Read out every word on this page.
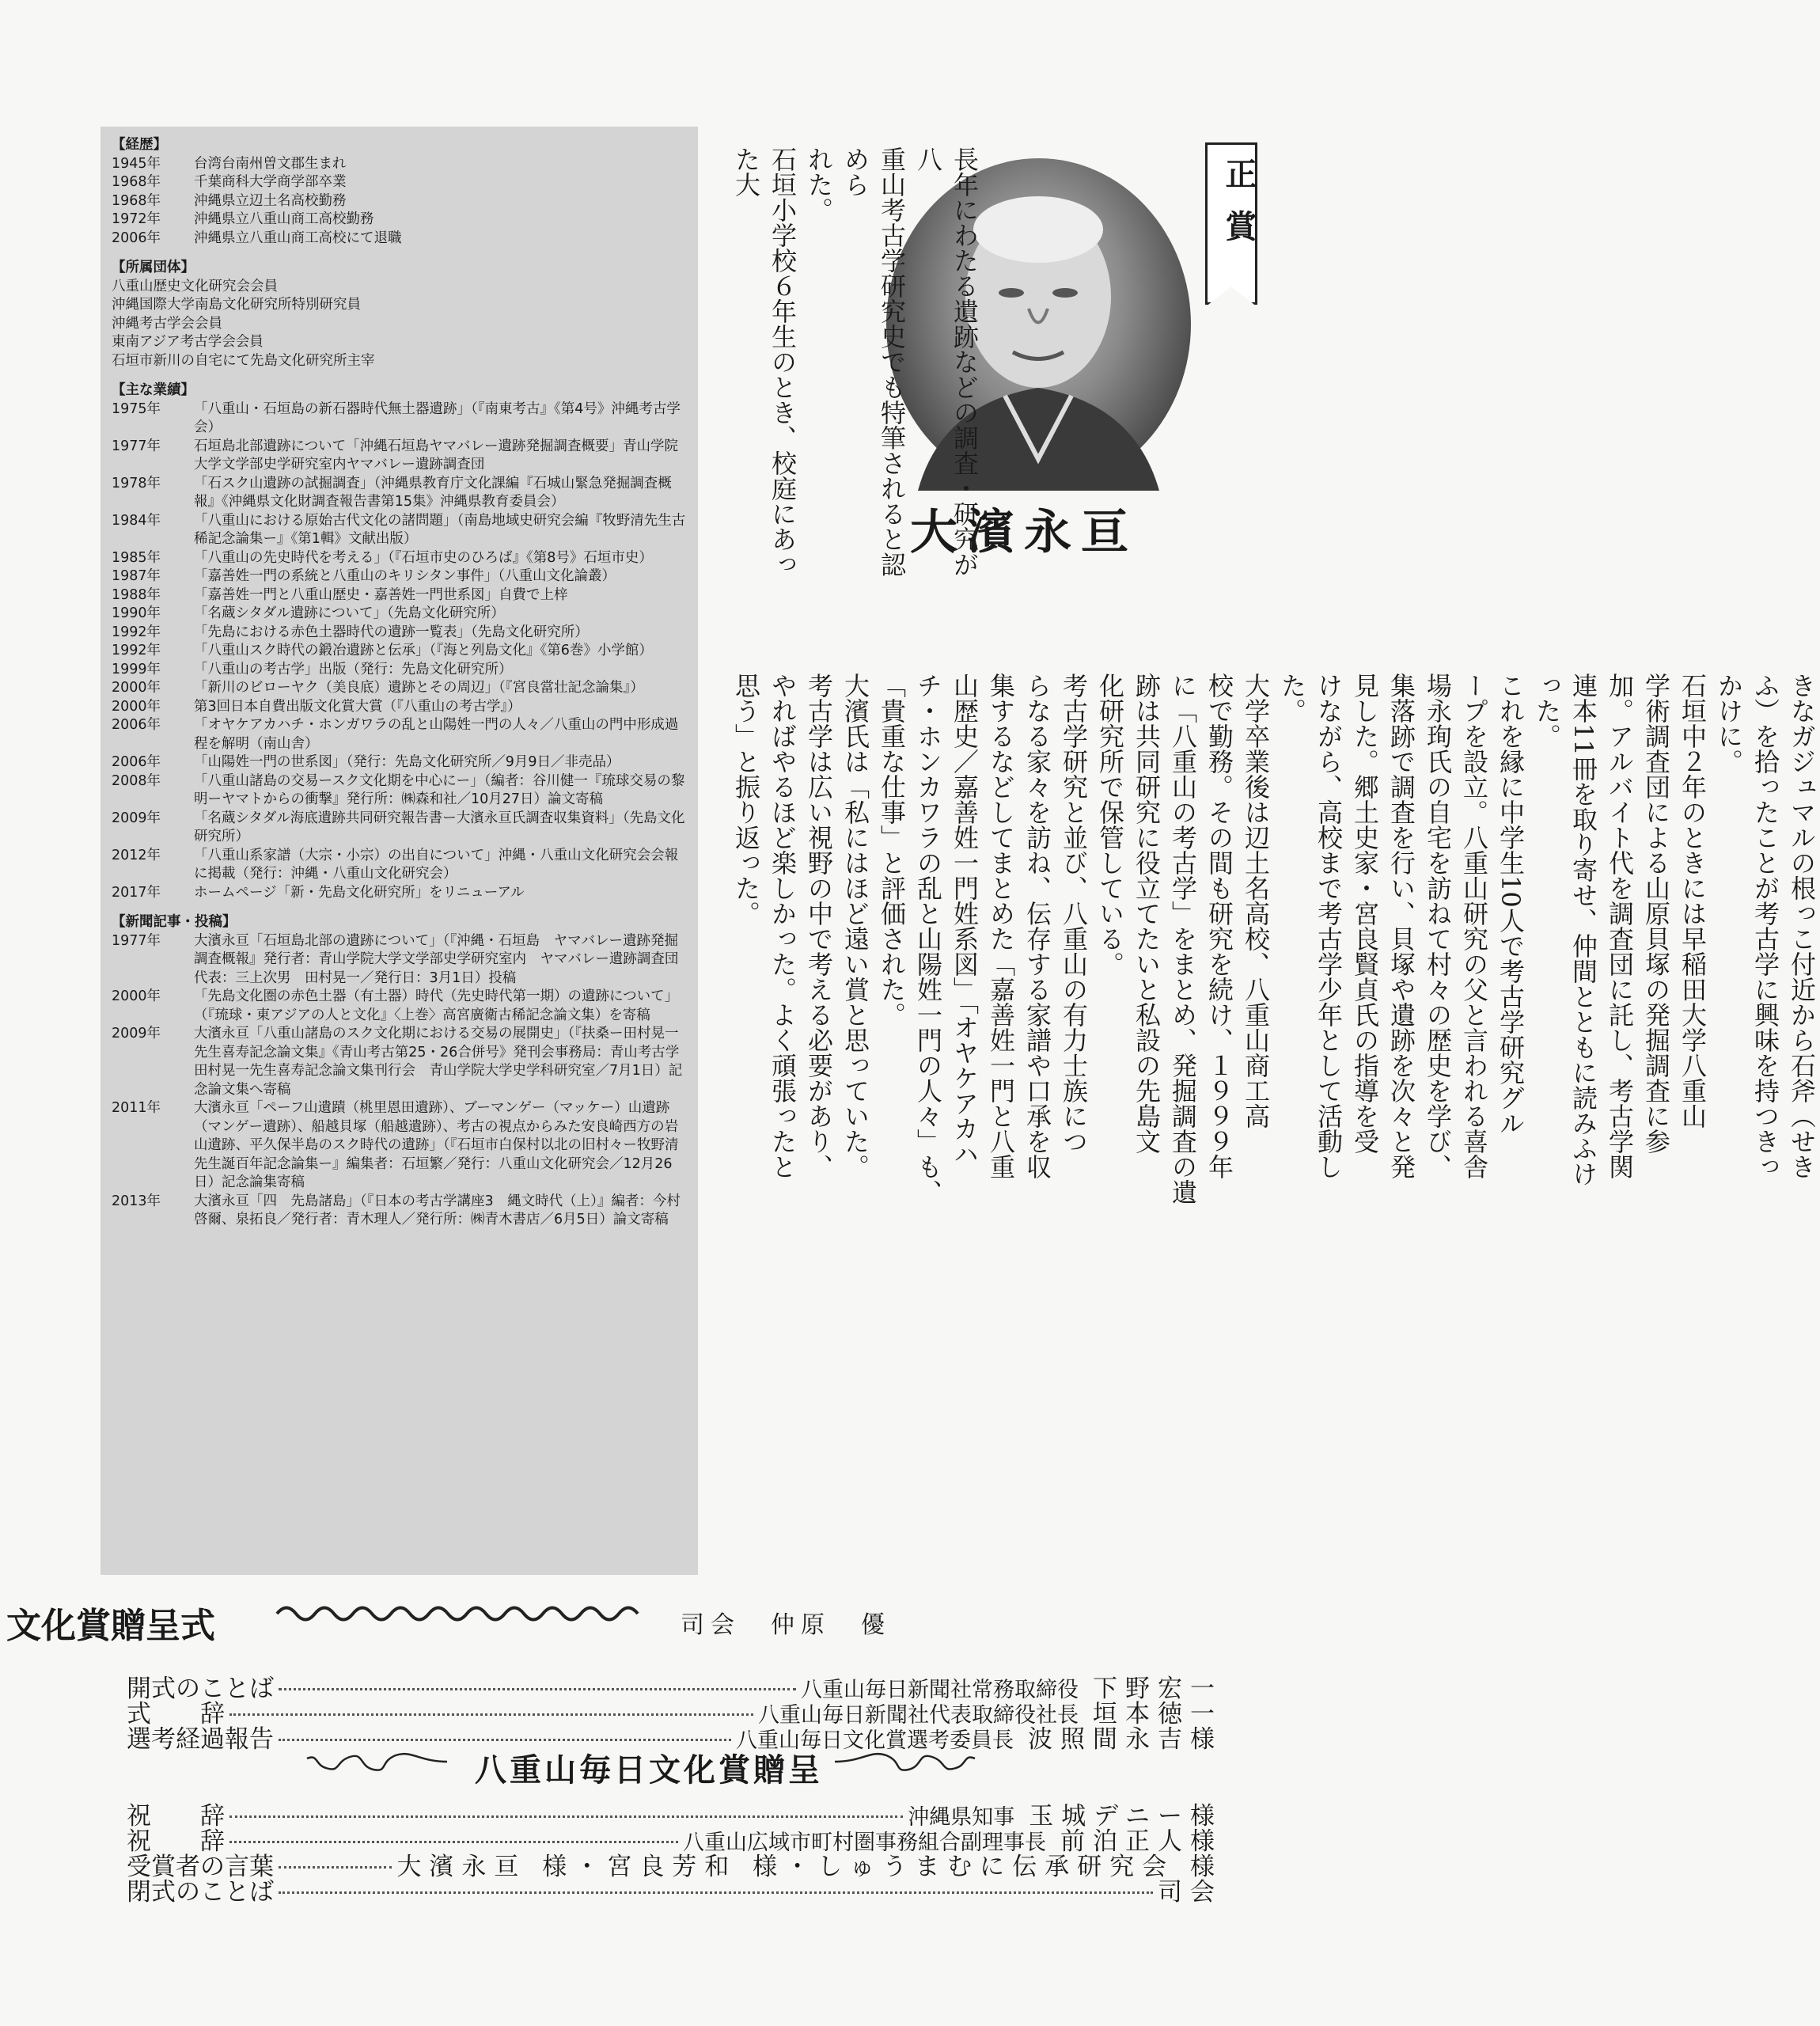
正賞
大濱永亘
長年にわたる遺跡などの調査・研究が八
重山考古学研究史でも特筆されると認めら
れた。
石垣小学校６年生のとき、校庭にあった大
きなガジュマルの根っこ付近から石斧（せき
ふ）を拾ったことが考古学に興味を持つきっ
かけに。
石垣中２年のときには早稲田大学八重山
学術調査団による山原貝塚の発掘調査に参
加。アルバイト代を調査団に託し、考古学関
連本11冊を取り寄せ、仲間とともに読みふけ
った。
これを縁に中学生10人で考古学研究グル
ープを設立。八重山研究の父と言われる喜舎
場永珣氏の自宅を訪ねて村々の歴史を学び、
集落跡で調査を行い、貝塚や遺跡を次々と発
見した。郷土史家・宮良賢貞氏の指導を受
けながら、高校まで考古学少年として活動し
た。
大学卒業後は辺土名高校、八重山商工高
校で勤務。その間も研究を続け、１９９９年
に「八重山の考古学」をまとめ、発掘調査の遺
跡は共同研究に役立てたいと私設の先島文
化研究所で保管している。
考古学研究と並び、八重山の有力士族につ
らなる家々を訪ね、伝存する家譜や口承を収
集するなどしてまとめた「嘉善姓一門と八重
山歴史／嘉善姓一門姓系図」「オヤケアカハ
チ・ホンカワラの乱と山陽姓一門の人々」も、
「貴重な仕事」と評価された。
大濱氏は「私にはほど遠い賞と思っていた。
考古学は広い視野の中で考える必要があり、
やればやるほど楽しかった。よく頑張ったと
思う」と振り返った。
【経歴】
1945年	台湾台南州曽文郡生まれ
1968年	千葉商科大学商学部卒業
1968年	沖縄県立辺土名高校勤務
1972年	沖縄県立八重山商工高校勤務
2006年	沖縄県立八重山商工高校にて退職
【所属団体】
八重山歴史文化研究会会員
沖縄国際大学南島文化研究所特別研究員
沖縄考古学会会員
東南アジア考古学会会員
石垣市新川の自宅にて先島文化研究所主宰
【主な業績】
1975年	「八重山・石垣島の新石器時代無土器遺跡」（『南東考古』《第4号》沖縄考古学会）
1977年	石垣島北部遺跡について「沖縄石垣島ヤマバレー遺跡発掘調査概要」青山学院大学文学部史学研究室内ヤマバレー遺跡調査団
1978年	「石スク山遺跡の試掘調査」（沖縄県教育庁文化課編『石城山緊急発掘調査概報』《沖縄県文化財調査報告書第15集》沖縄県教育委員会）
1984年	「八重山における原始古代文化の諸問題」（南島地域史研究会編『牧野清先生古稀記念論集ー』《第1輯》文献出版）
1985年	「八重山の先史時代を考える」（『石垣市史のひろば』《第8号》石垣市史）
1987年	「嘉善姓一門の系統と八重山のキリシタン事件」（八重山文化論叢）
1988年	「嘉善姓一門と八重山歴史・嘉善姓一門世系図」自費で上梓
1990年	「名蔵シタダル遺跡について」（先島文化研究所）
1992年	「先島における赤色土器時代の遺跡一覧表」（先島文化研究所）
1992年	「八重山スク時代の鍛冶遺跡と伝承」（『海と列島文化』《第6巻》小学館）
1999年	「八重山の考古学」出版（発行：先島文化研究所）
2000年	「新川のビローヤク（美良底）遺跡とその周辺」（『宮良當壮記念論集』）
2000年	第3回日本自費出版文化賞大賞（『八重山の考古学』）
2006年	「オヤケアカハチ・ホンガワラの乱と山陽姓一門の人々／八重山の門中形成過程を解明（南山舎）
2006年	「山陽姓一門の世系図」（発行：先島文化研究所／9月9日／非売品）
2008年	「八重山諸島の交易ースク文化期を中心にー」（編者：谷川健一『琉球交易の黎明ーヤマトからの衝撃』発行所：㈱森和社／10月27日）論文寄稿
2009年	「名蔵シタダル海底遺跡共同研究報告書ー大濱永亘氏調査収集資料」（先島文化研究所）
2012年	「八重山系家譜（大宗・小宗）の出自について」沖縄・八重山文化研究会会報に掲載（発行：沖縄・八重山文化研究会）
2017年	ホームページ「新・先島文化研究所」をリニューアル
【新聞記事・投稿】
1977年	大濱永亘「石垣島北部の遺跡について」（『沖縄・石垣島　ヤマバレー遺跡発掘調査概報』発行者：青山学院大学文学部史学研究室内　ヤマバレー遺跡調査団　代表：三上次男　田村晃一／発行日：3月1日）投稿
2000年	「先島文化圏の赤色土器（有土器）時代（先史時代第一期）の遺跡について」（『琉球・東アジアの人と文化』〈上巻〉高宮廣衛古稀記念論文集）を寄稿
2009年	大濱永亘「八重山諸島のスク文化期における交易の展開史」（『扶桑ー田村晃一先生喜寿記念論文集』《青山考古第25・26合併号》発刊会事務局：青山考古学田村晃一先生喜寿記念論文集刊行会　青山学院大学史学科研究室／7月1日）記念論文集へ寄稿
2011年	大濱永亘「ペーフ山遺蹟（桃里恩田遺跡）、ブーマンゲー（マッケー）山遺跡（マンゲー遺跡）、船越貝塚（船越遺跡）、考古の視点からみた安良崎西方の岩山遺跡、平久保半島のスク時代の遺跡」（『石垣市白保村以北の旧村々ー牧野清先生誕百年記念論集ー』編集者：石垣繁／発行：八重山文化研究会／12月26日）記念論集寄稿
2013年	大濱永亘「四　先島諸島」（『日本の考古学講座3　縄文時代（上）』編者：今村啓爾、泉拓良／発行者：青木理人／発行所：㈱青木書店／6月5日）論文寄稿
文化賞贈呈式	司会　 仲原　優
八重山毎日文化賞贈呈
開式のことば	八重山毎日新聞社常務取締役 下野宏一
式　　辞	八重山毎日新聞社代表取締役社長 垣本徳一
選考経過報告	八重山毎日文化賞選考委員長 波照間永吉様
祝　　辞	沖縄県知事 玉城デニー様
祝　　辞	八重山広域市町村圏事務組合副理事長 前泊正人様
受賞者の言葉	大濱永亘 様・宮良芳和 様・しゅうまむに伝承研究会 様
閉式のことば	司会
